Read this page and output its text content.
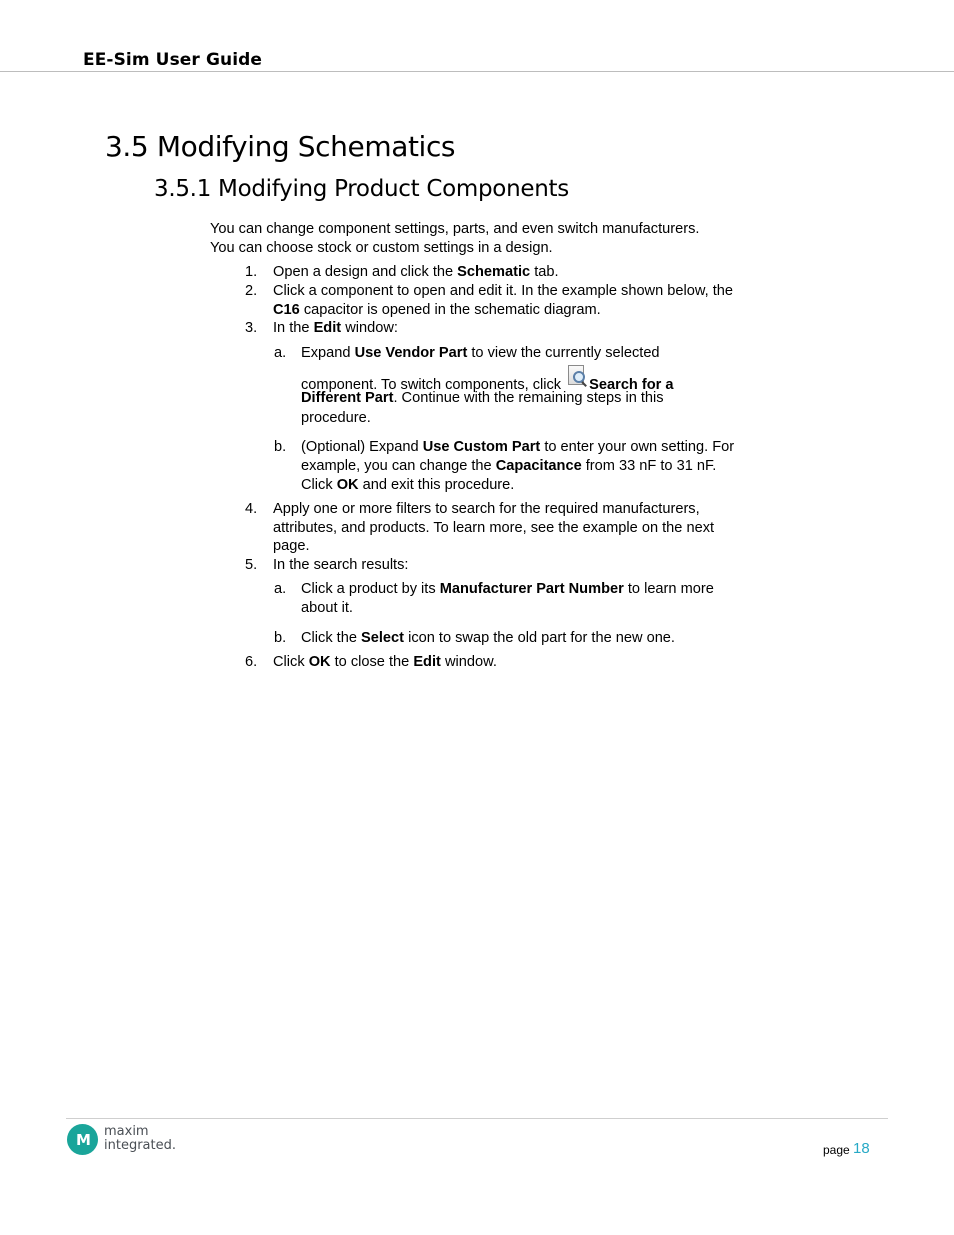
EE-Sim User Guide
3.5 Modifying Schematics
3.5.1 Modifying Product Components
You can change component settings, parts, and even switch manufacturers.
You can choose stock or custom settings in a design.
1. Open a design and click the Schematic tab.
2. Click a component to open and edit it. In the example shown below, the
C16 capacitor is opened in the schematic diagram.
3. In the Edit window:
a. Expand Use Vendor Part to view the currently selected
component. To switch components, click
Search for a
Different Part. Continue with the remaining steps in this
procedure.
b. (Optional) Expand Use Custom Part to enter your own setting. For
example, you can change the Capacitance from 33 nF to 31 nF.
Click OK and exit this procedure.
4. Apply one or more filters to search for the required manufacturers,
attributes, and products. To learn more, see the example on the next
page.
5. In the search results:
a. Click a product by its Manufacturer Part Number to learn more
about it.
b. Click the Select icon to swap the old part for the new one.
6. Click OK to close the Edit window.
M maxim
integrated.	page 18
